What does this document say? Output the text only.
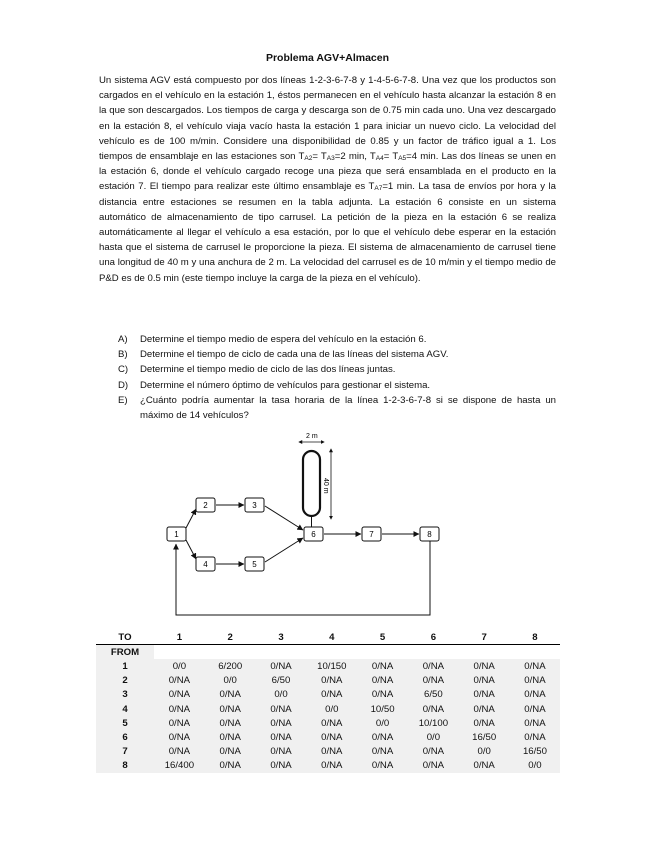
Problema AGV+Almacen

Un sistema AGV está compuesto por dos líneas 1-2-3-6-7-8 y 1-4-5-6-7-8. Una vez que los productos son cargados en el vehículo en la estación 1, éstos permanecen en el vehículo hasta alcanzar la estación 8 en la que son descargados. Los tiempos de carga y descarga son de 0.75 min cada uno. Una vez descargado en la estación 8, el vehículo viaja vacío hasta la estación 1 para iniciar un nuevo ciclo. La velocidad del vehículo es de 100 m/min. Considere una disponibilidad de 0.85 y un factor de tráfico igual a 1. Los tiempos de ensamblaje en las estaciones son $T_{A2}= T_{A3}=2$ min, $T_{A4}= T_{A5}=4$ min. Las dos líneas se unen en la estación 6, donde el vehículo cargado recoge una pieza que será ensamblada en el producto en la estación 7. El tiempo para realizar este último ensamblaje es $T_{A7}=1$ min. La tasa de envíos por hora y la distancia entre estaciones se resumen en la tabla adjunta. La estación 6 consiste en un sistema automático de almacenamiento de tipo carrusel. La petición de la pieza en la estación 6 se realiza automáticamente al llegar el vehículo a esa estación, por lo que el vehículo debe esperar en la estación hasta que el sistema de carrusel le proporcione la pieza. El sistema de almacenamiento de carrusel tiene una longitud de 40 m y una anchura de 2 m. La velocidad del carrusel es de 10 m/min y el tiempo medio de P&D es de 0.5 min (este tiempo incluye la carga de la pieza en el vehículo).

A)	Determine el tiempo medio de espera del vehículo en la estación 6.
B)	Determine el tiempo de ciclo de cada una de las líneas del sistema AGV.
C)	Determine el tiempo medio de ciclo de las dos líneas juntas.
D)	Determine el número óptimo de vehículos para gestionar el sistema.
E)	¿Cuánto podría aumentar la tasa horaria de la línea 1-2-3-6-7-8 si se dispone de hasta un máximo de 14 vehículos?
2 m
40 m
1
2	3
4	5
6	7	8
TO	1	2	3	4	5	6	7	8
FROM								
1	0/0	6/200	0/NA	10/150	0/NA	0/NA	0/NA	0/NA
2	0/NA	0/0	6/50	0/NA	0/NA	0/NA	0/NA	0/NA
3	0/NA	0/NA	0/0	0/NA	0/NA	6/50	0/NA	0/NA
4	0/NA	0/NA	0/NA	0/0	10/50	0/NA	0/NA	0/NA
5	0/NA	0/NA	0/NA	0/NA	0/0	10/100	0/NA	0/NA
6	0/NA	0/NA	0/NA	0/NA	0/NA	0/0	16/50	0/NA
7	0/NA	0/NA	0/NA	0/NA	0/NA	0/NA	0/0	16/50
8	16/400	0/NA	0/NA	0/NA	0/NA	0/NA	0/NA	0/0
